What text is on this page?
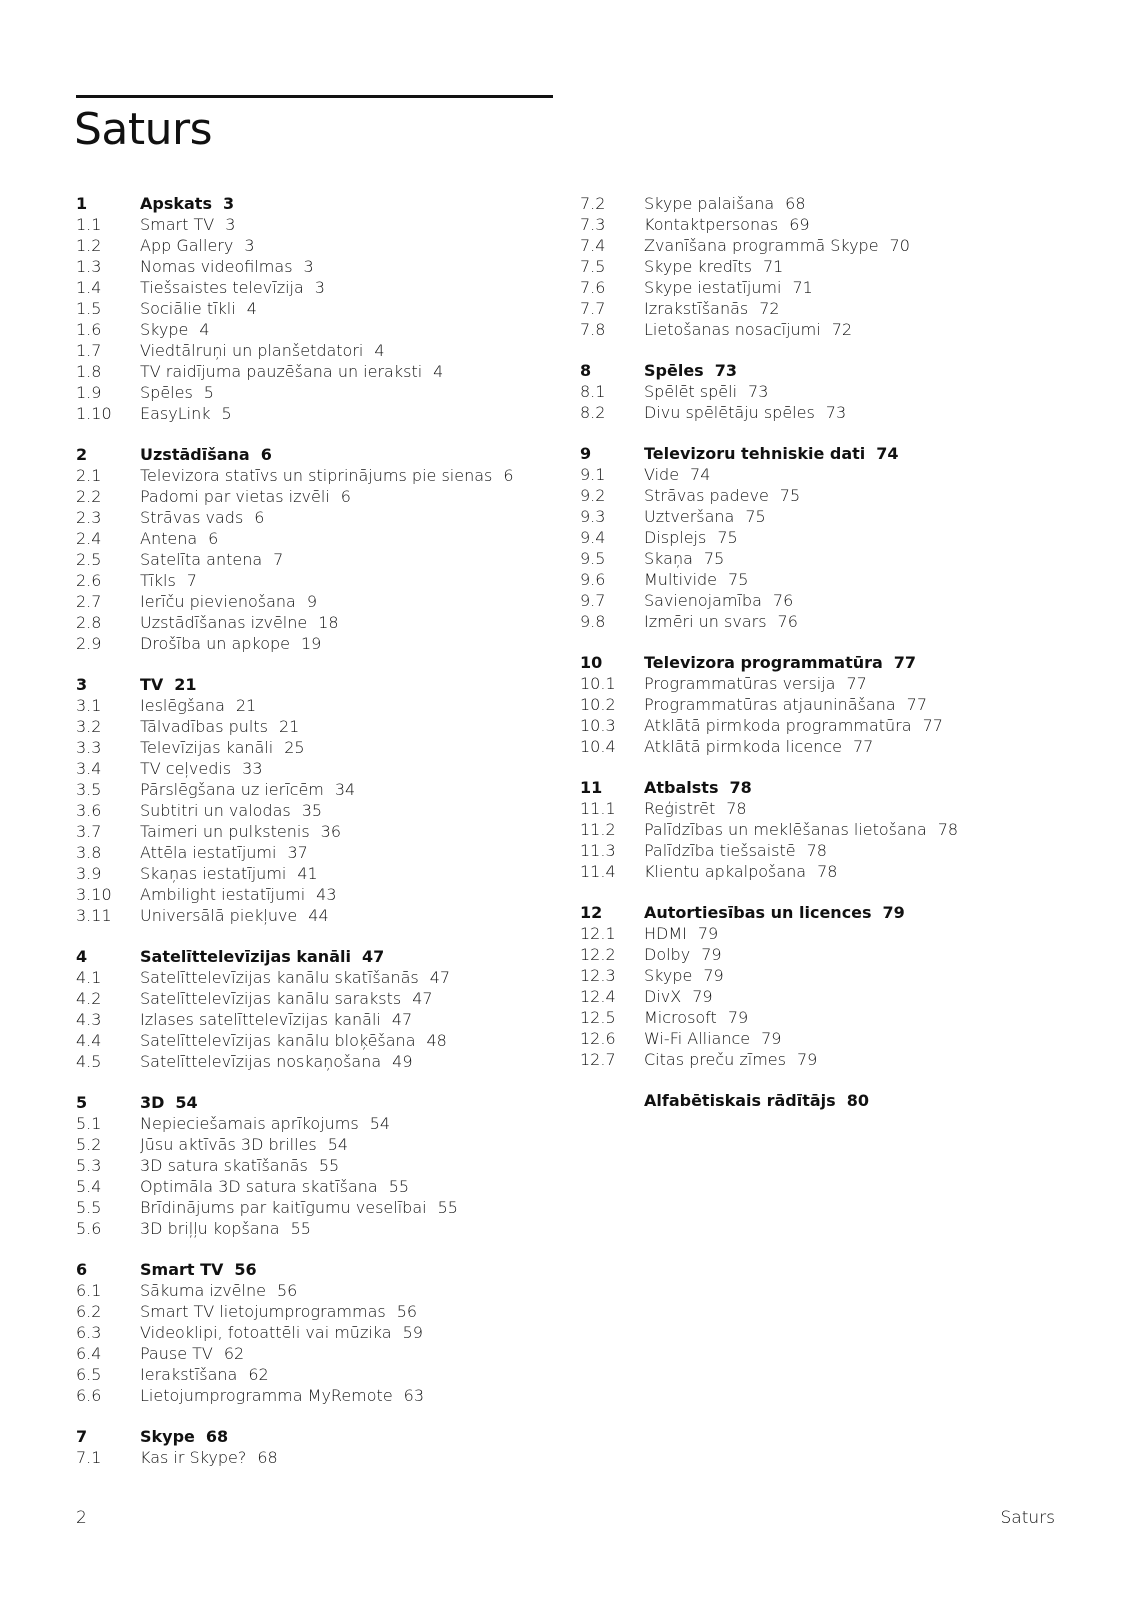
Saturs
1	Apskats 3
1.1	Smart TV 3
1.2	App Gallery 3
1.3	Nomas videofilmas 3
1.4	Tiešsaistes televīzija 3
1.5	Sociālie tīkli 4
1.6	Skype 4
1.7	Viedtālruņi un planšetdatori 4
1.8	TV raidījuma pauzēšana un ieraksti 4
1.9	Spēles 5
1.10	EasyLink 5
2	Uzstādīšana 6
2.1	Televizora statīvs un stiprinājums pie sienas 6
2.2	Padomi par vietas izvēli 6
2.3	Strāvas vads 6
2.4	Antena 6
2.5	Satelīta antena 7
2.6	Tīkls 7
2.7	Ierīču pievienošana 9
2.8	Uzstādīšanas izvēlne 18
2.9	Drošība un apkope 19
3	TV 21
3.1	Ieslēgšana 21
3.2	Tālvadības pults 21
3.3	Televīzijas kanāli 25
3.4	TV ceļvedis 33
3.5	Pārslēgšana uz ierīcēm 34
3.6	Subtitri un valodas 35
3.7	Taimeri un pulkstenis 36
3.8	Attēla iestatījumi 37
3.9	Skaņas iestatījumi 41
3.10	Ambilight iestatījumi 43
3.11	Universālā piekļuve 44
4	Satelīttelevīzijas kanāli 47
4.1	Satelīttelevīzijas kanālu skatīšanās 47
4.2	Satelīttelevīzijas kanālu saraksts 47
4.3	Izlases satelīttelevīzijas kanāli 47
4.4	Satelīttelevīzijas kanālu bloķēšana 48
4.5	Satelīttelevīzijas noskaņošana 49
5	3D 54
5.1	Nepieciešamais aprīkojums 54
5.2	Jūsu aktīvās 3D brilles 54
5.3	3D satura skatīšanās 55
5.4	Optimāla 3D satura skatīšana 55
5.5	Brīdinājums par kaitīgumu veselībai 55
5.6	3D briļļu kopšana 55
6	Smart TV 56
6.1	Sākuma izvēlne 56
6.2	Smart TV lietojumprogrammas 56
6.3	Videoklipi, fotoattēli vai mūzika 59
6.4	Pause TV 62
6.5	Ierakstīšana 62
6.6	Lietojumprogramma MyRemote 63
7	Skype 68
7.1	Kas ir Skype? 68
7.2	Skype palaišana 68
7.3	Kontaktpersonas 69
7.4	Zvanīšana programmā Skype 70
7.5	Skype kredīts 71
7.6	Skype iestatījumi 71
7.7	Izrakstīšanās 72
7.8	Lietošanas nosacījumi 72
8	Spēles 73
8.1	Spēlēt spēli 73
8.2	Divu spēlētāju spēles 73
9	Televizoru tehniskie dati 74
9.1	Vide 74
9.2	Strāvas padeve 75
9.3	Uztveršana 75
9.4	Displejs 75
9.5	Skaņa 75
9.6	Multivide 75
9.7	Savienojamība 76
9.8	Izmēri un svars 76
10	Televizora programmatūra 77
10.1	Programmatūras versija 77
10.2	Programmatūras atjaunināšana 77
10.3	Atklātā pirmkoda programmatūra 77
10.4	Atklātā pirmkoda licence 77
11	Atbalsts 78
11.1	Reģistrēt 78
11.2	Palīdzības un meklēšanas lietošana 78
11.3	Palīdzība tiešsaistē 78
11.4	Klientu apkalpošana 78
12	Autortiesības un licences 79
12.1	HDMI 79
12.2	Dolby 79
12.3	Skype 79
12.4	DivX 79
12.5	Microsoft 79
12.6	Wi-Fi Alliance 79
12.7	Citas preču zīmes 79
Alfabētiskais rādītājs 80
2	Saturs
